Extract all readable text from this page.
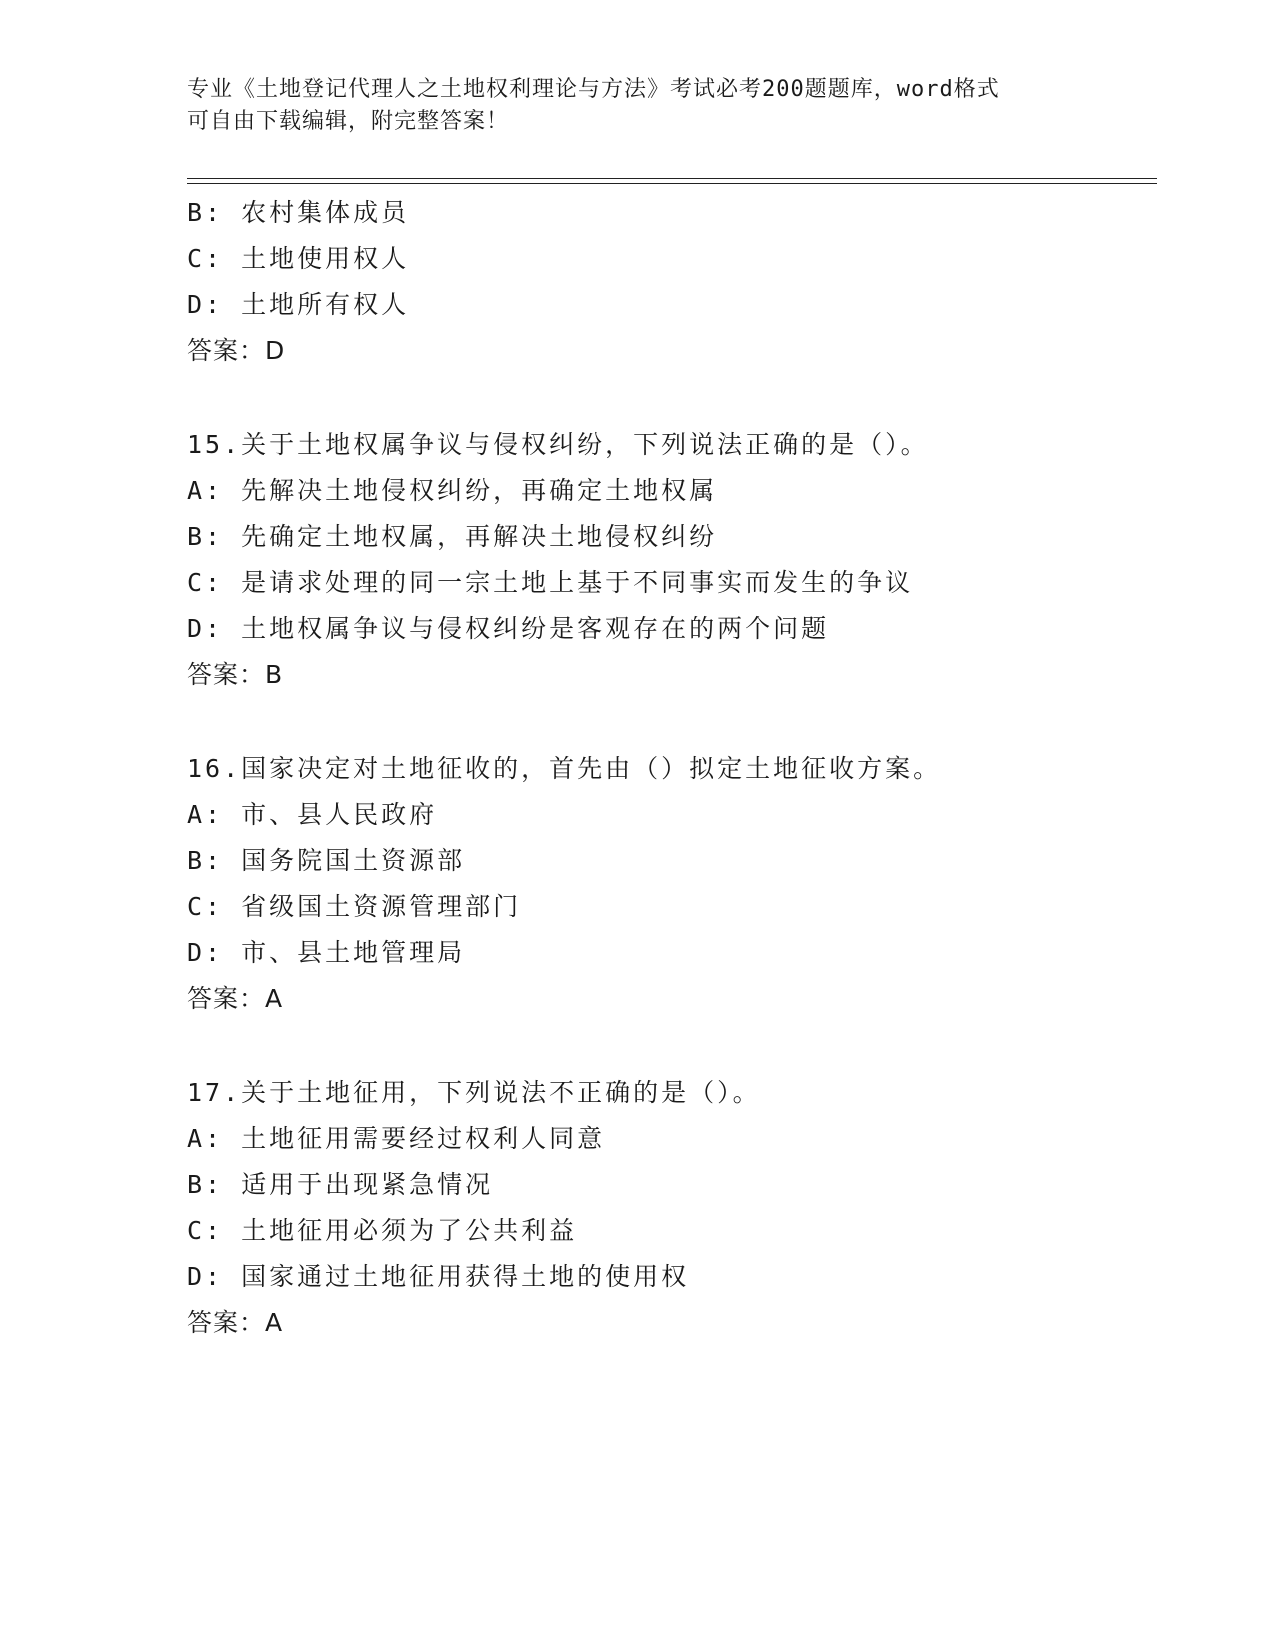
专业《土地登记代理人之土地权利理论与方法》考试必考200题题库，word格式
可自由下载编辑，附完整答案！
B: 农村集体成员
C: 土地使用权人
D: 土地所有权人
答案：D
15.关于土地权属争议与侵权纠纷，下列说法正确的是（）。
A: 先解决土地侵权纠纷，再确定土地权属
B: 先确定土地权属，再解决土地侵权纠纷
C: 是请求处理的同一宗土地上基于不同事实而发生的争议
D: 土地权属争议与侵权纠纷是客观存在的两个问题
答案：B
16.国家决定对土地征收的，首先由（）拟定土地征收方案。
A: 市、县人民政府
B: 国务院国土资源部
C: 省级国土资源管理部门
D: 市、县土地管理局
答案：A
17.关于土地征用，下列说法不正确的是（）。
A: 土地征用需要经过权利人同意
B: 适用于出现紧急情况
C: 土地征用必须为了公共利益
D: 国家通过土地征用获得土地的使用权
答案：A
